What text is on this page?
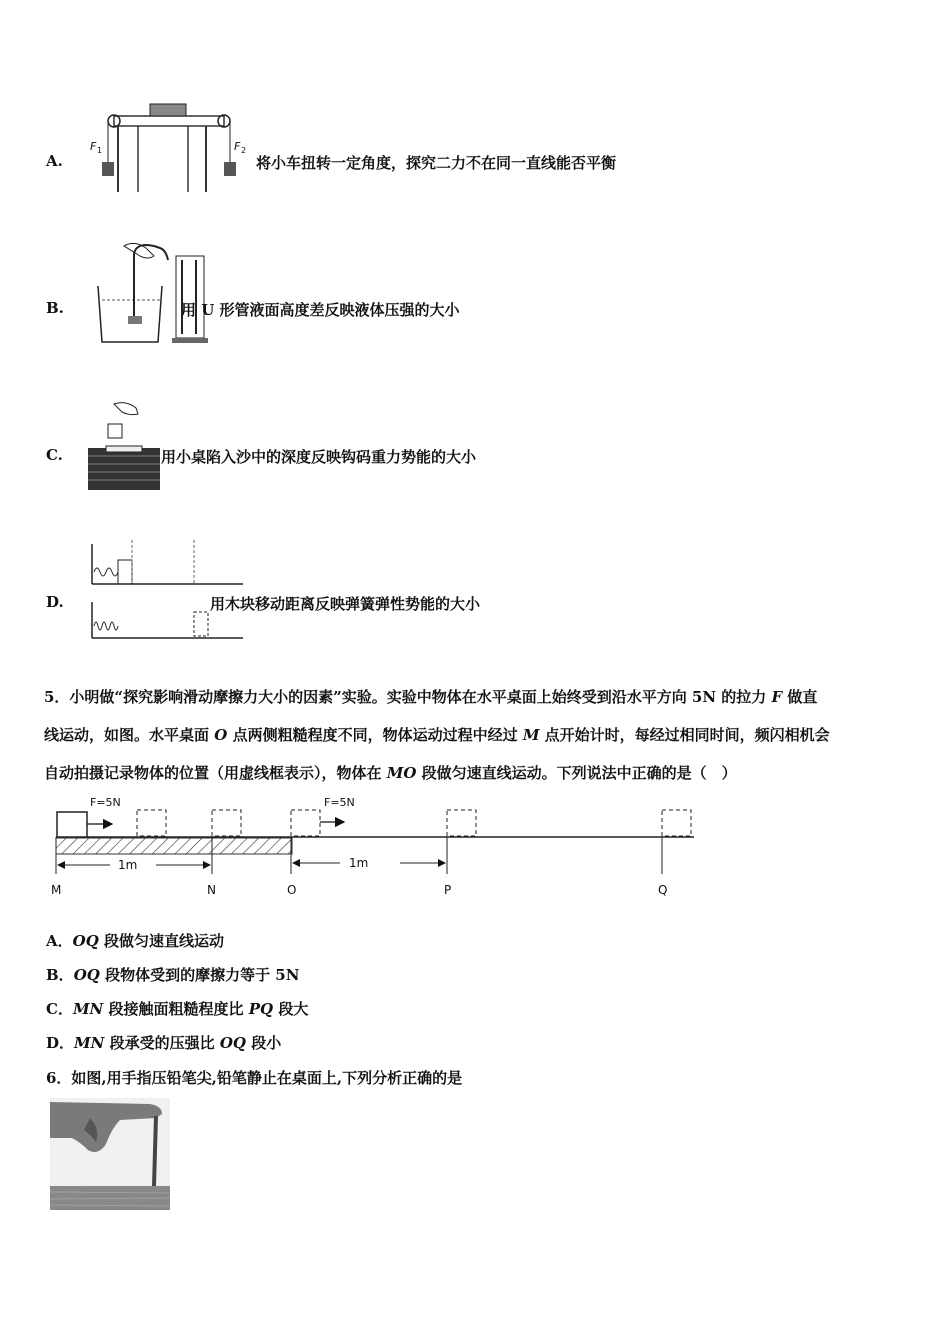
A.
F 1	F 2
将小车扭转一定角度，探究二力不在同一直线能否平衡
B.	用 U 形管液面高度差反映液体压强的大小
C.	用小桌陷入沙中的深度反映钩码重力势能的大小
D.	用木块移动距离反映弹簧弹性势能的大小
5．小明做“探究影响滑动摩擦力大小的因素”实验。实验中物体在水平桌面上始终受到沿水平方向 5N 的拉力 F 做直
线运动，如图。水平桌面 O 点两侧粗糙程度不同，物体运动过程中经过 M 点开始计时，每经过相同时间，频闪相机会
自动拍摄记录物体的位置（用虚线框表示），物体在 MO 段做匀速直线运动。下列说法中正确的是（　）
F=5N	F=5N
1m	1m
M	N	O	P	Q
A．OQ 段做匀速直线运动
B．OQ 段物体受到的摩擦力等于 5N
C．MN 段接触面粗糙程度比 PQ 段大
D．MN 段承受的压强比 OQ 段小
6．如图,用手指压铅笔尖,铅笔静止在桌面上,下列分析正确的是
